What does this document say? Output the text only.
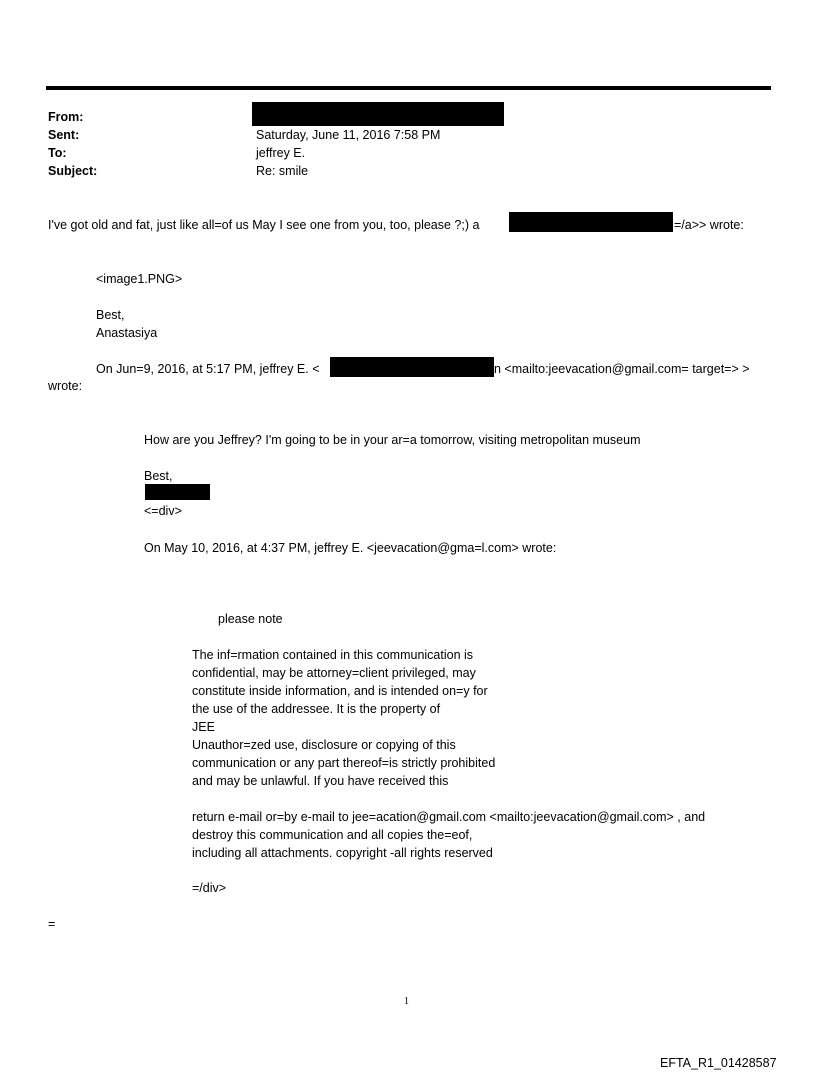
From:
Sent:	Saturday, June 11, 2016 7:58 PM
To:	jeffrey E.
Subject:	Re: smile
I've got old and fat, just like all=of us May I see one from you, too, please ?;) a	=/a>> wrote:
<image1.PNG>
Best,
Anastasiya
On Jun=9, 2016, at 5:17 PM, jeffrey E. <	n <mailto:jeevacation@gmail.com= target=> >
wrote:
How are you Jeffrey? I'm going to be in your ar=a tomorrow, visiting metropolitan museum
Best,
<=div>
On May 10, 2016, at 4:37 PM, jeffrey E. <jeevacation@gma=l.com> wrote:
please note
The inf=rmation contained in this communication is
confidential, may be attorney=client privileged, may
constitute inside information, and is intended on=y for
the use of the addressee. It is the property of
JEE
Unauthor=zed use, disclosure or copying of this
communication or any part thereof=is strictly prohibited
and may be unlawful. If you have received this
return e-mail or=by e-mail to jee=acation@gmail.com <mailto:jeevacation@gmail.com> , and
destroy this communication and all copies the=eof,
including all attachments. copyright -all rights reserved
=/div>
=
1
EFTA_R1_01428587
